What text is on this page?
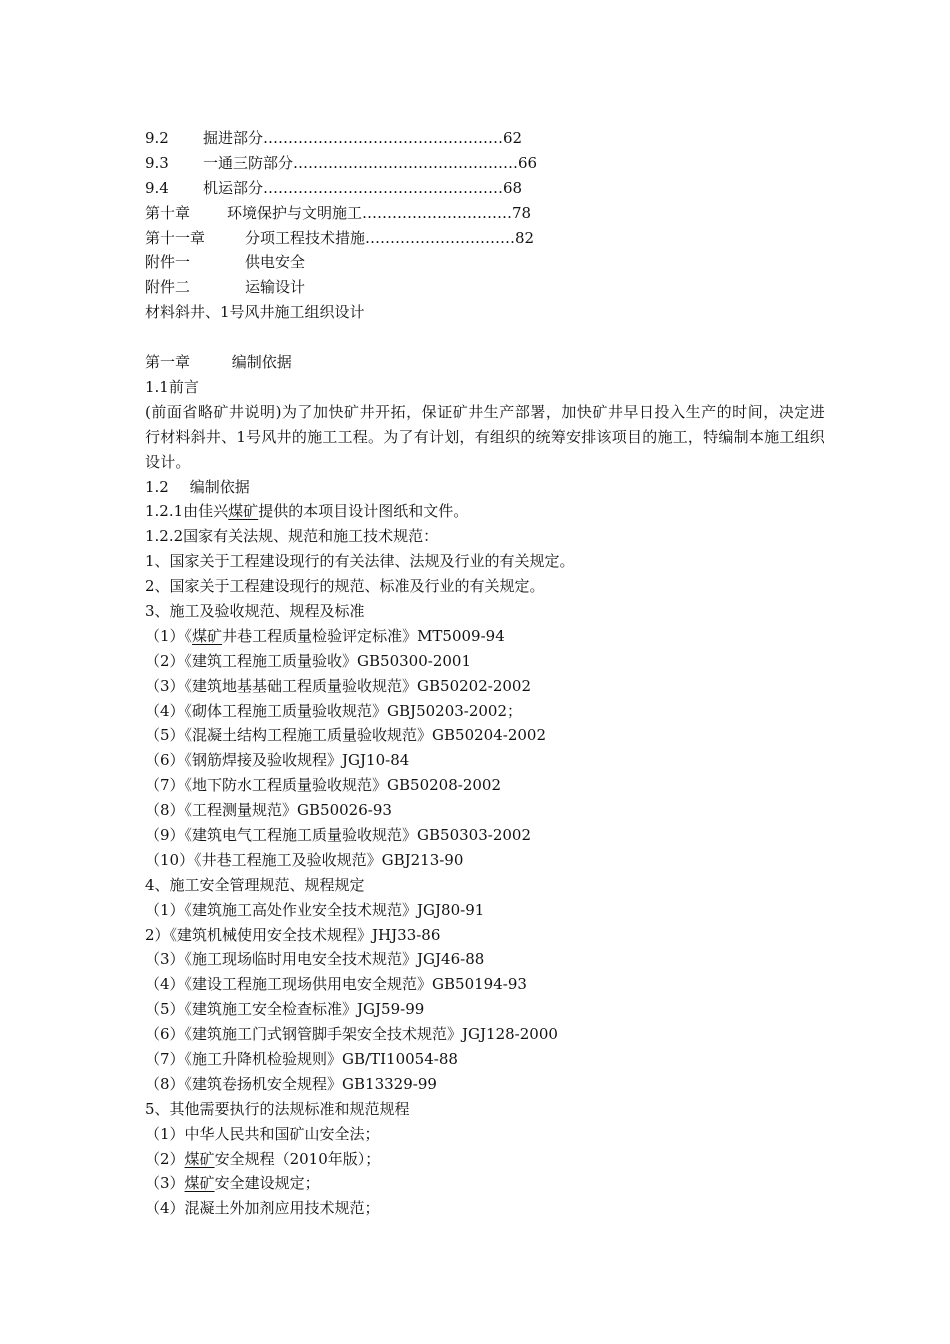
9.2	掘进部分 ………………………………………… 62
9.3	一通三防部分 ……………………………………… 66
9.4	机运部分 ………………………………………… 68
第十章	环境保护与文明施工 ………………………… 78
第十一章	分项工程技术措施 ………………………… 82
附件一	供电安全
附件二	运输设计
材料斜井、1号风井施工组织设计
第一章	编制依据
1.1前言
(前面省略矿井说明)为了加快矿井开拓，保证矿井生产部署，加快矿井早日投入生产的时间，决定进行材料斜井、1号风井的施工工程。为了有计划，有组织的统筹安排该项目的施工，特编制本施工组织设计。
1.2 编制依据
1.2.1由佳兴煤矿提供的本项目设计图纸和文件。
1.2.2国家有关法规、规范和施工技术规范：
1、国家关于工程建设现行的有关法律、法规及行业的有关规定。
2、国家关于工程建设现行的规范、标准及行业的有关规定。
3、施工及验收规范、规程及标准
（1）《煤矿井巷工程质量检验评定标准》MT5009-94
（2）《建筑工程施工质量验收》GB50300-2001
（3）《建筑地基基础工程质量验收规范》GB50202-2002
（4）《砌体工程施工质量验收规范》GBJ50203-2002；
（5）《混凝土结构工程施工质量验收规范》GB50204-2002
（6）《钢筋焊接及验收规程》JGJ10-84
（7）《地下防水工程质量验收规范》GB50208-2002
（8）《工程测量规范》GB50026-93
（9）《建筑电气工程施工质量验收规范》GB50303-2002
（10）《井巷工程施工及验收规范》GBJ213-90
4、施工安全管理规范、规程规定
（1）《建筑施工高处作业安全技术规范》JGJ80-91
2）《建筑机械使用安全技术规程》JHJ33-86
（3）《施工现场临时用电安全技术规范》JGJ46-88
（4）《建设工程施工现场供用电安全规范》GB50194-93
（5）《建筑施工安全检查标准》JGJ59-99
（6）《建筑施工门式钢管脚手架安全技术规范》JGJ128-2000
（7）《施工升降机检验规则》GB/TI10054-88
（8）《建筑卷扬机安全规程》GB13329-99
5、其他需要执行的法规标准和规范规程
（1）中华人民共和国矿山安全法；
（2）煤矿安全规程（2010年版）；
（3）煤矿安全建设规定；
（4）混凝土外加剂应用技术规范；
